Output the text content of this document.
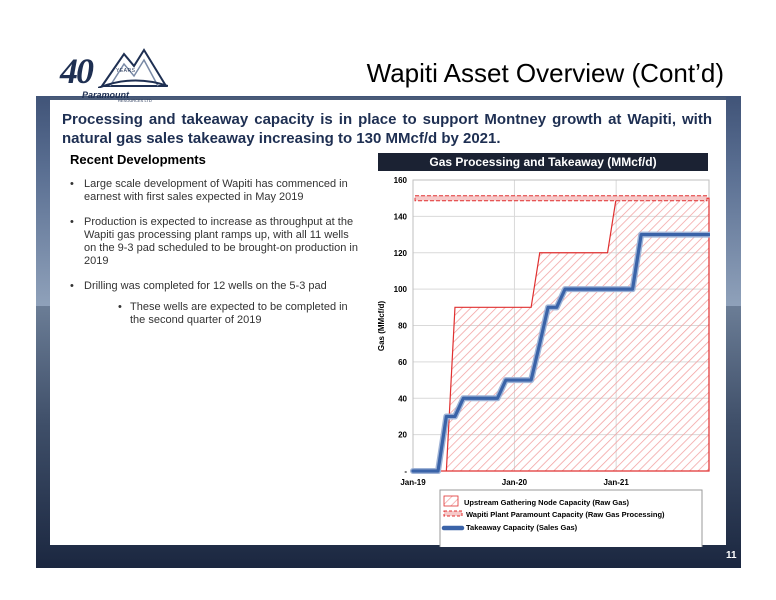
40	YEARS
Paramount
RESOURCES LTD
Wapiti Asset Overview (Cont’d)
Processing and takeaway capacity is in place to support Montney growth at Wapiti, with natural gas sales takeaway increasing to 130 MMcf/d by 2021.
Recent Developments
• Large scale development of Wapiti has commenced in earnest with first sales expected in May 2019
• Production is expected to increase as throughput at the Wapiti gas processing plant ramps up, with all 11 wells on the 9-3 pad scheduled to be brought-on production in 2019
• Drilling was completed for 12 wells on the 5-3 pad
• These wells are expected to be completed in the second quarter of 2019
Gas Processing and Takeaway (MMcf/d)
-
20
40
60
80
100
120
140
160
Jan-19	Jan-20	Jan-21
Gas (MMcf/d)
Upstream Gathering Node Capacity (Raw Gas)
Wapiti Plant Paramount Capacity (Raw Gas Processing)
Takeaway Capacity (Sales Gas)
11
